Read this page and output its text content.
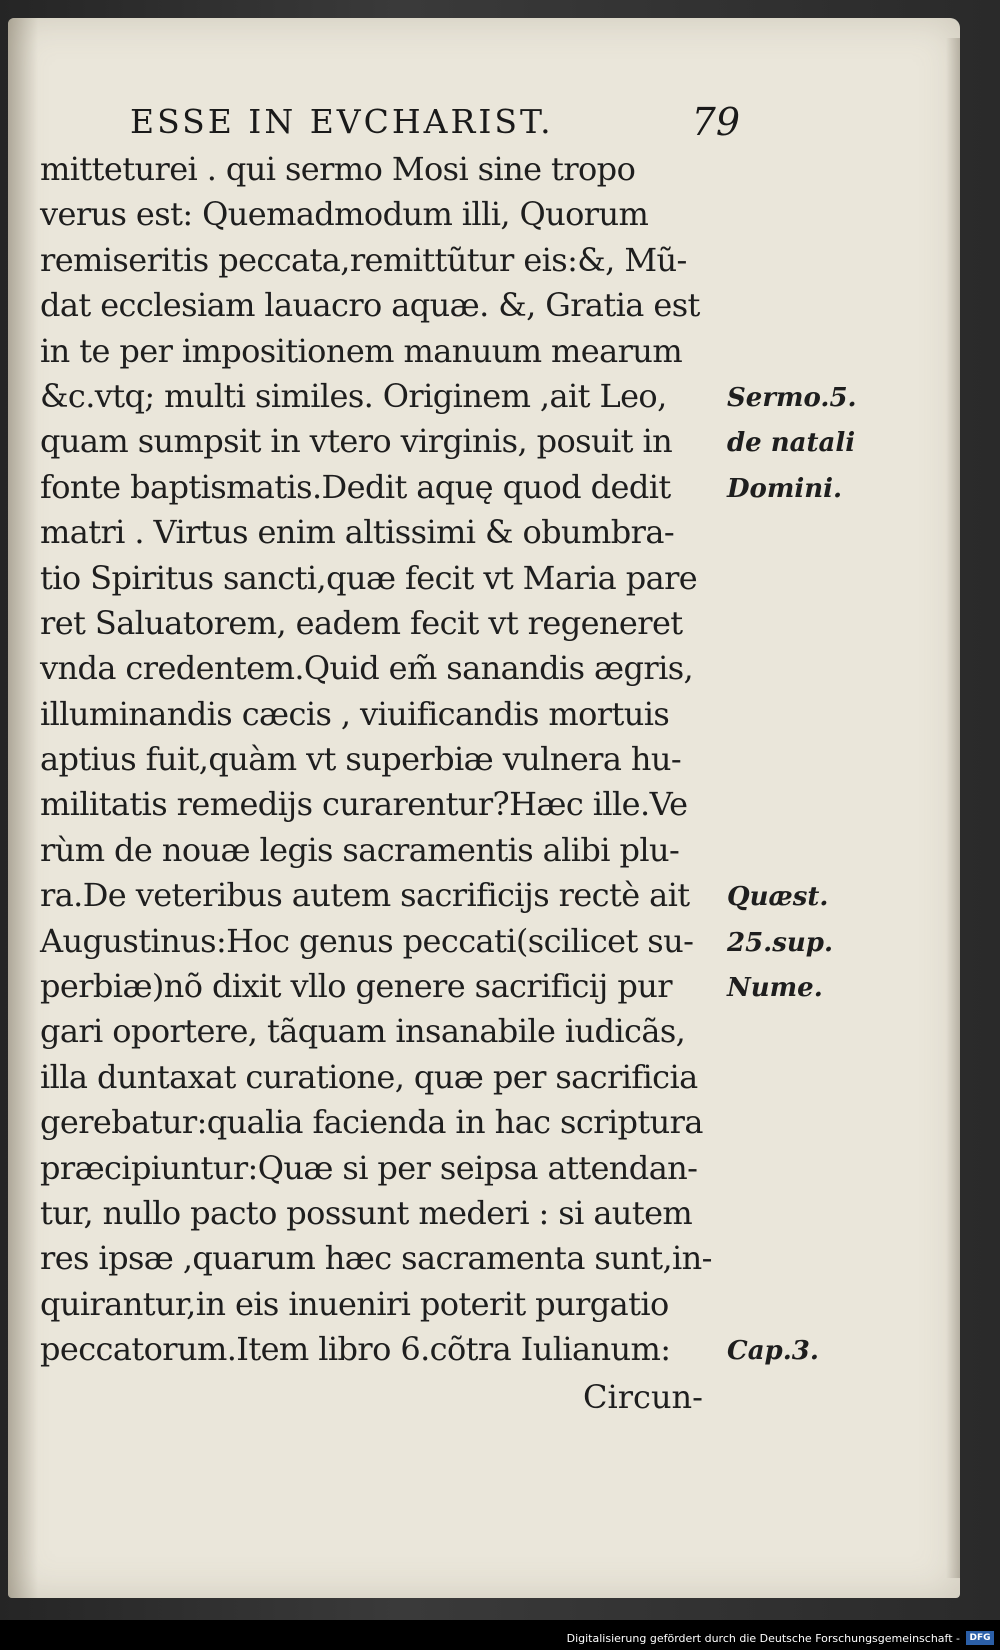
ESSE IN EVCHARIST.	79
mitteturei . qui sermo Mosi sine tropo
verus est: Quemadmodum illi, Quorum
remiseritis peccata,remittũtur eis:&, Mũ-
dat ecclesiam lauacro aquæ. &, Gratia est
in te per impositionem manuum mearum
&c.vtq; multi similes. Originem ,ait Leo,
quam sumpsit in vtero virginis, posuit in
fonte baptismatis.Dedit aquę quod dedit
matri . Virtus enim altissimi & obumbra-
tio Spiritus sancti,quæ fecit vt Maria pare
ret Saluatorem, eadem fecit vt regeneret
vnda credentem.Quid em̃ sanandis ægris,
illuminandis cæcis , viuificandis mortuis
aptius fuit,quàm vt superbiæ vulnera hu-
militatis remedijs curarentur?Hæc ille.Ve
rùm de nouæ legis sacramentis alibi plu-
ra.De veteribus autem sacrificijs rectè ait
Augustinus:Hoc genus peccati(scilicet su-
perbiæ)nõ dixit vllo genere sacrificij pur
gari oportere, tãquam insanabile iudicãs,
illa duntaxat curatione, quæ per sacrificia
gerebatur:qualia facienda in hac scriptura
præcipiuntur:Quæ si per seipsa attendan-
tur, nullo pacto possunt mederi : si autem
res ipsæ ,quarum hæc sacramenta sunt,in-
quirantur,in eis inueniri poterit purgatio
peccatorum.Item libro 6.cõtra Iulianum:
Circun-
Sermo.5.
de natali
Domini.
Quæst.
25.sup.
Nume.
Cap.3.
Digitalisierung gefördert durch die Deutsche Forschungsgemeinschaft -	DFG
